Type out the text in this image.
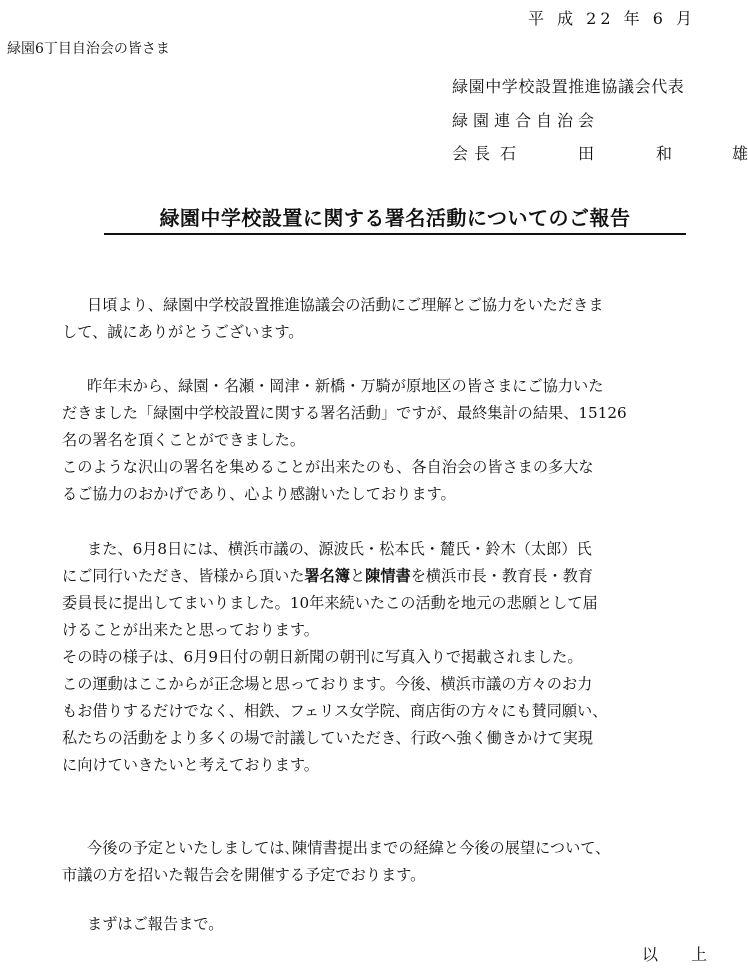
平 成 22 年 6 月
緑園6丁目自治会の皆さま
緑園中学校設置推進協議会代表
緑園連合自治会
会長 石	田	和	雄
緑園中学校設置に関する署名活動についてのご報告
日頃より、緑園中学校設置推進協議会の活動にご理解とご協力をいただきま
して、誠にありがとうございます。
昨年末から、緑園・名瀬・岡津・新橋・万騎が原地区の皆さまにご協力いた
だきました「緑園中学校設置に関する署名活動」ですが、最終集計の結果、15126
名の署名を頂くことができました。
このような沢山の署名を集めることが出来たのも、各自治会の皆さまの多大な
るご協力のおかげであり、心より感謝いたしております。
また、6月8日には、横浜市議の、源波氏・松本氏・麓氏・鈴木（太郎）氏
にご同行いただき、皆様から頂いた署名簿と陳情書を横浜市長・教育長・教育
委員長に提出してまいりました。10年来続いたこの活動を地元の悲願として届
けることが出来たと思っております。
その時の様子は、6月9日付の朝日新聞の朝刊に写真入りで掲載されました。
この運動はここからが正念場と思っております。今後、横浜市議の方々のお力
もお借りするだけでなく、相鉄、フェリス女学院、商店街の方々にも賛同願い、
私たちの活動をより多くの場で討議していただき、行政へ強く働きかけて実現
に向けていきたいと考えております。
今後の予定といたしましては､陳情書提出までの経緯と今後の展望について、
市議の方を招いた報告会を開催する予定でおります。
まずはご報告まで。
以 上
